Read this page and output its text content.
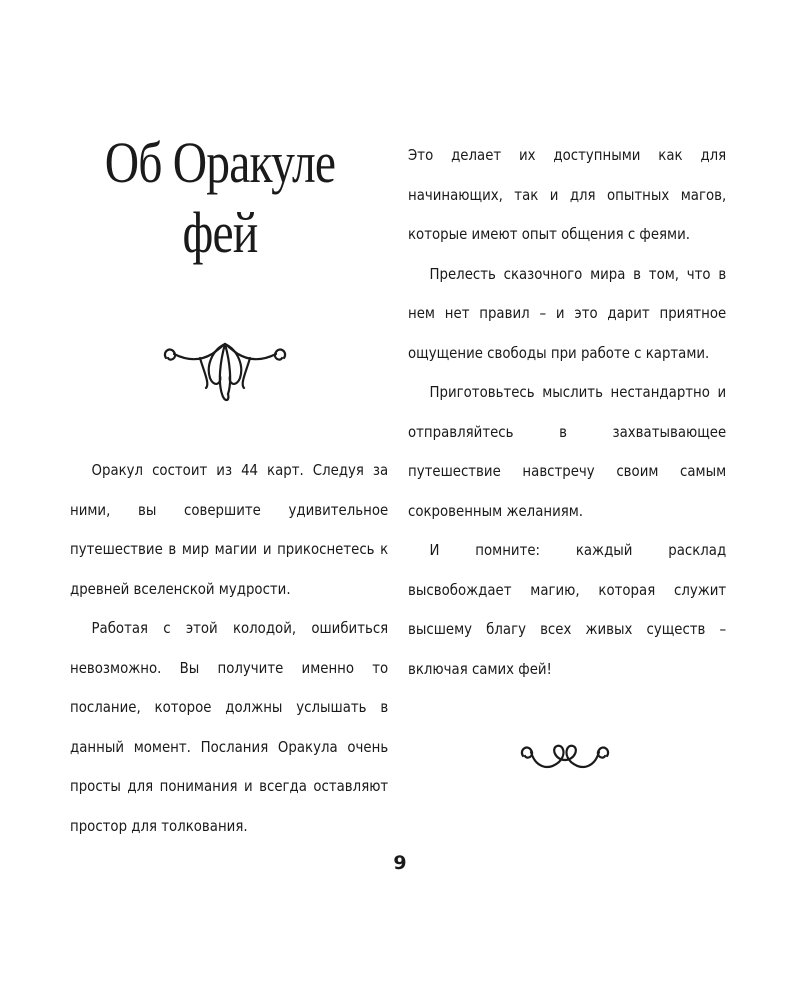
Об Оракуле
фей

Оракул состоит из 44 карт. Следуя за ними, вы совершите удивительное путешествие в мир магии и прикоснетесь к древней вселенской мудрости.

Работая с этой колодой, ошибиться невозможно. Вы получите именно то послание, которое должны услышать в данный момент. Послания Оракула очень просты для понимания и всегда оставляют простор для толкования.

Это делает их доступными как для начинающих, так и для опытных магов, которые имеют опыт общения с феями.

Прелесть сказочного мира в том, что в нем нет правил – и это дарит приятное ощущение свободы при работе с картами.

Приготовьтесь мыслить нестандартно и отправляйтесь в захватывающее путешествие навстречу своим самым сокровенным желаниям.

И помните: каждый расклад высвобождает магию, которая служит высшему благу всех живых существ – включая самих фей!

9
